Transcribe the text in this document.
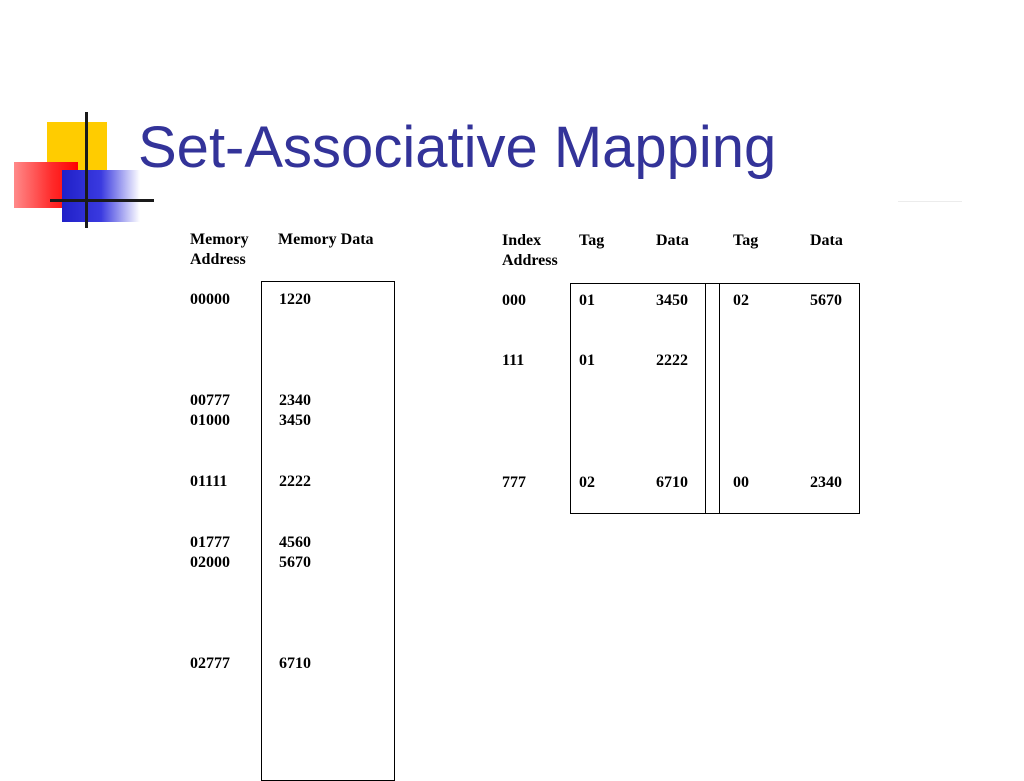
Set-Associative Mapping
Memory
Address
Memory Data
00000	1220
00777	2340
01000	3450
01111	2222
01777	4560
02000	5670
02777	6710
Index
Address
Tag	Data	Tag	Data
000	01	3450	02	5670
111	01	2222
777	02	6710	00	2340
